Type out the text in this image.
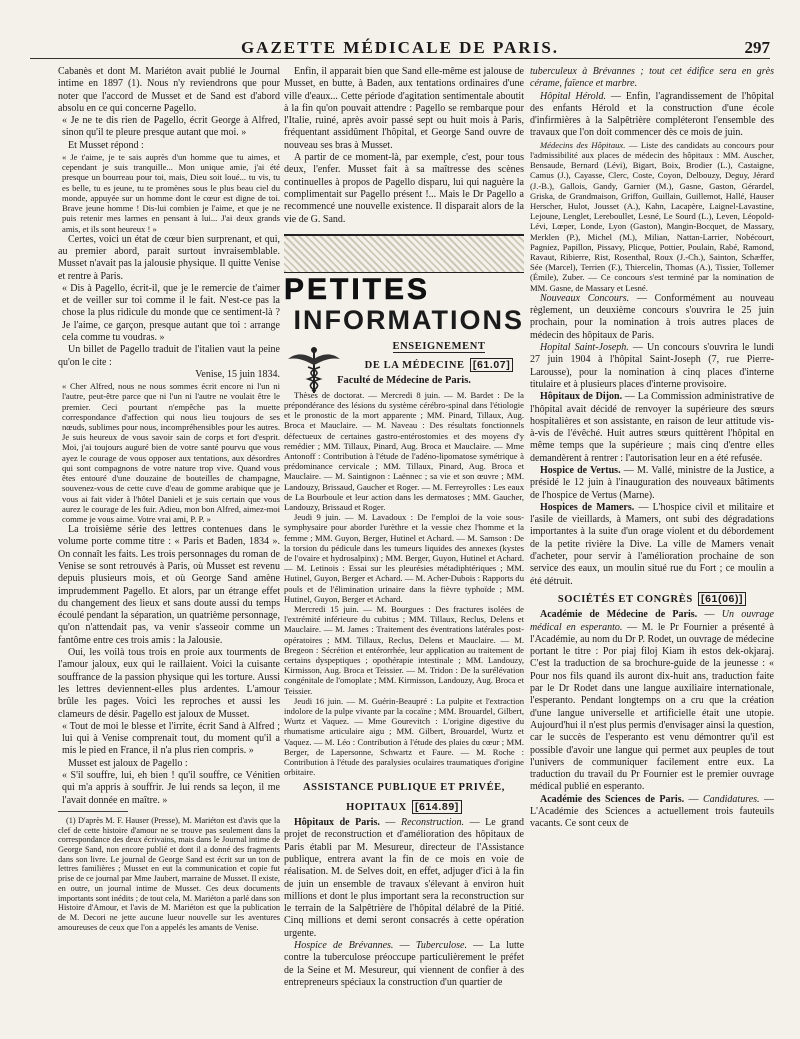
GAZETTE MÉDICALE DE PARIS.	297

Cabanès et dont M. Mariéton avait publié le Journal intime en 1897 (1). Nous n'y reviendrons que pour noter que l'accord de Musset et de Sand est d'abord absolu en ce qui concerne Pagello.

« Je ne te dis rien de Pagello, écrit George à Alfred, sinon qu'il te pleure presque autant que moi. »

Et Musset répond :

« Je t'aime, je te sais auprès d'un homme que tu aimes, et cependant je suis tranquille... Mon unique amie, j'ai été presque un bourreau pour toi, mais, Dieu soit loué... tu vis, tu es belle, tu es jeune, tu te promènes sous le plus beau ciel du monde, appuyée sur un homme dont le cœur est digne de toi. Brave jeune homme ! Dis-lui combien je l'aime, et que je ne puis retenir mes larmes en pensant à lui... J'ai deux grands amis, et ils sont heureux ! »

Certes, voici un état de cœur bien surprenant, et qui, au premier abord, parait surtout invraisemblable. Musset n'avait pas la jalousie physique. Il quitte Venise et rentre à Paris.

« Dis à Pagello, écrit-il, que je le remercie de t'aimer et de veiller sur toi comme il le fait. N'est-ce pas la chose la plus ridicule du monde que ce sentiment-là ? Je l'aime, ce garçon, presque autant que toi : arrange cela comme tu voudras. »

Un billet de Pagello traduit de l'italien vaut la peine qu'on le cite :

Venise, 15 juin 1834.

« Cher Alfred, nous ne nous sommes écrit encore ni l'un ni l'autre, peut-être parce que ni l'un ni l'autre ne voulait être le premier. Ceci pourtant n'empêche pas la muette correspondance d'affection qui nous lieu toujours de ses nœuds, sublimes pour nous, incompréhensibles pour les autres. Je suis heureux de vous savoir sain de corps et fort d'esprit. Moi, j'ai toujours auguré bien de votre santé pourvu que vous ayez le courage de vous opposer aux tentations, aux désordres qui sont compagnons de votre nature trop vive. Quand vous êtes entouré d'une douzaine de bouteilles de champagne, souvenez-vous de cette cuve d'eau de gomme arabique que je vous ai fait vider à l'hôtel Danieli et je suis certain que vous aurez le courage de les fuir. Adieu, mon bon Alfred, aimez-moi comme je vous aime. Votre vrai ami, P. P. »

La troisième série des lettres contenues dans le volume porte comme titre : « Paris et Baden, 1834 ». On connaît les faits. Les trois personnages du roman de Venise se sont retrouvés à Paris, où Musset est revenu depuis plusieurs mois, et où George Sand amène imprudemment Pagello. Et alors, par un étrange effet du changement des lieux et sans doute aussi du temps écoulé pendant la séparation, un quatrième personnage, qu'on n'attendait pas, va venir s'asseoir comme un fantôme entre ces trois amis : la Jalousie.

Oui, les voilà tous trois en proie aux tourments de l'amour jaloux, eux qui le raillaient. Voici la cuisante souffrance de la passion physique qui les torture. Aussi les lettres deviennent-elles plus ardentes. L'amour brûle les pages. Voici les reproches et aussi les clameurs de désir. Pagello est jaloux de Musset.

« Tout de moi le blesse et l'irrite, écrit Sand à Alfred ; lui qui à Venise comprenait tout, du moment qu'il a mis le pied en France, il n'a plus rien compris. »

Musset est jaloux de Pagello :

« S'il souffre, lui, eh bien ! qu'il souffre, ce Vénitien qui m'a appris à souffrir. Je lui rends sa leçon, il me l'avait donnée en maître. »

(1) D'après M. F. Hauser (Presse), M. Mariéton est d'avis que la clef de cette histoire d'amour ne se trouve pas seulement dans la correspondance des deux écrivains, mais dans le Journal intime de George Sand, non encore publié et dont il a donné des fragments dans son livre. Le journal de George Sand est écrit sur un ton de lettres familières ; Musset en eut la communication et copie fut prise de ce journal par Mme Jaubert, marraine de Musset. Il existe, en outre, un journal intime de Musset. Ces deux documents importants sont inédits ; de tout cela, M. Mariéton a parlé dans son Histoire d'Amour, et l'avis de M. Mariéton est que la publication de M. Decori ne jette aucune lueur nouvelle sur les aventures amoureuses de ceux que l'on a appelés les amants de Venise.

Enfin, il apparait bien que Sand elle-même est jalouse de Musset, en butte, à Baden, aux tentations ordinaires d'une ville d'eaux... Cette période d'agitation sentimentale aboutit à la fin qu'on pouvait attendre : Pagello se rembarque pour l'Italie, ruiné, après avoir passé sept ou huit mois à Paris, fréquentant assidûment l'hôpital, et George Sand ouvre de nouveau ses bras à Musset.

A partir de ce moment-là, par exemple, c'est, pour tous deux, l'enfer. Musset fait à sa maîtresse des scènes continuelles à propos de Pagello disparu, lui qui naguère la complimentait sur Pagello présent !... Mais le Dr Pagello a recommencé une nouvelle existence. Il disparait alors de la vie de G. Sand.

PETITES
INFORMATIONS
ENSEIGNEMENT
DE LA MÉDECINE [61.07]
Faculté de Médecine de Paris.

Thèses de doctorat. — Mercredi 8 juin. — M. Bardet : De la prépondérance des lésions du système cérébro-spinal dans l'étiologie et le pronostic de la mort apparente ; MM. Pinard, Tillaux, Aug. Broca et Mauclaire. — M. Naveau : Des résultats fonctionnels défectueux de certaines gastro-entérostomies et des moyens d'y remédier ; MM. Tillaux, Pinard, Aug. Broca et Mauclaire. — Mme Antonoff : Contribution à l'étude de l'adéno-lipomatose symétrique à prédominance cervicale ; MM. Tillaux, Pinard, Aug. Broca et Mauclaire. — M. Saintignon : Laënnec ; sa vie et son œuvre ; MM. Landouzy, Brissaud, Gaucher et Roger. — M. Ferreyrolles : Les eaux de La Bourboule et leur action dans les dermatoses ; MM. Gaucher, Landouzy, Brissaud et Roger.

Jeudi 9 juin. — M. Lavadoux : De l'emploi de la voie sous-symphysaire pour aborder l'urèthre et la vessie chez l'homme et la femme ; MM. Guyon, Berger, Hutinel et Achard. — M. Samson : De la torsion du pédicule dans les tumeurs liquides des annexes (kystes de l'ovaire et hydrosalpinx) ; MM. Berger, Guyon, Hutinel et Achard. — M. Letinois : Essai sur les pleurésies métadiphtériques ; MM. Hutinel, Guyon, Berger et Achard. — M. Acher-Dubois : Rapports du pouls et de l'élimination urinaire dans la fièvre typhoïde ; MM. Hutinel, Guyon, Berger et Achard.

Mercredi 15 juin. — M. Bourgues : Des fractures isolées de l'extrémité inférieure du cubitus ; MM. Tillaux, Reclus, Delens et Mauclaire. — M. James : Traitement des éventrations latérales post-opératoires ; MM. Tillaux, Reclus, Delens et Mauclaire. — M. Bregeon : Sécrétion et entérorrhée, leur application au traitement de certains dyspeptiques ; opothérapie intestinale ; MM. Landouzy, Kirmisson, Aug. Broca et Teissier. — M. Tridon : De la surélévation congénitale de l'omoplate ; MM. Kirmisson, Landouzy, Aug. Broca et Teissier.

Jeudi 16 juin. — M. Guérin-Beaupré : La pulpite et l'extraction indolore de la pulpe vivante par la cocaïne ; MM. Brouardel, Gilbert, Wurtz et Vaquez. — Mme Gourevitch : L'origine digestive du rhumatisme articulaire aigu ; MM. Gilbert, Brouardel, Wurtz et Vaquez. — M. Léo : Contribution à l'étude des plaies du cœur ; MM. Berger, de Lapersonne, Schwartz et Faure. — M. Roche : Contribution à l'étude des paralysies oculaires traumatiques d'origine orbitaire.

ASSISTANCE PUBLIQUE ET PRIVÉE,
HOPITAUX [614.89]

Hôpitaux de Paris. — Reconstruction. — Le grand projet de reconstruction et d'amélioration des hôpitaux de Paris établi par M. Mesureur, directeur de l'Assistance publique, entrera avant la fin de ce mois en voie de réalisation. M. de Selves doit, en effet, adjuger d'ici à la fin de juin un ensemble de travaux s'élevant à environ huit millions et dont le plus important sera la reconstruction sur le terrain de la Salpêtrière de l'hôpital délabré de la Pitié. Cinq millions et demi seront consacrés à cette opération urgente.

Hospice de Brévannes. — Tuberculose. — La lutte contre la tuberculose préoccupe particulièrement le préfet de la Seine et M. Mesureur, qui viennent de confier à des entrepreneurs spéciaux la construction d'un quartier de

tuberculeux à Brévannes ; tout cet édifice sera en grès cérame, faïence et marbre.

Hôpital Hérold. — Enfin, l'agrandissement de l'hôpital des enfants Hérold et la construction d'une école d'infirmières à la Salpêtrière compléteront l'ensemble des travaux que l'on doit commencer dès ce mois de juin.

Médecins des Hôpitaux. — Liste des candidats au concours pour l'admissibilité aux places de médecin des hôpitaux : MM. Auscher, Bensaude, Bernard (Lévi), Bigart, Boix, Brodier (L.), Castaigne, Camus (J.), Cayasse, Clerc, Coste, Coyon, Delbouzy, Deguy, Jérard (J.-B.), Gallois, Gandy, Garnier (M.), Gasne, Gaston, Gérardel, Griska, de Grandmaison, Griffon, Guillain, Guillemot, Hallé, Hauser Herscher, Hulot, Jousset (A.), Kahn, Lacapère, Laignel-Lavastine, Lejoune, Lenglet, Lereboullet, Lesné, Le Sourd (L.), Leven, Léopold-Lévi, Lœper, Londe, Lyon (Gaston), Mangin-Bocquet, de Massary, Merklen (P.), Michel (M.), Milian, Nattan-Larrier, Nobécourt, Pagniez, Papillon, Pissavy, Plicque, Pottier, Poulain, Rabé, Ramond, Ravaut, Ribierre, Rist, Rosenthal, Roux (J.-Ch.), Sainton, Schæffer, Sée (Marcel), Terrien (F.), Thiercelin, Thomas (A.), Tissier, Tollemer (Émile), Zuber. — Ce concours s'est terminé par la nomination de MM. Gasne, de Massary et Lesné.

Nouveaux Concours. — Conformément au nouveau règlement, un deuxième concours s'ouvrira le 25 juin prochain, pour la nomination à trois autres places de médecin des hôpitaux de Paris.

Hopital Saint-Joseph. — Un concours s'ouvrira le lundi 27 juin 1904 à l'hôpital Saint-Joseph (7, rue Pierre-Larousse), pour la nomination à cinq places d'interne titulaire et à plusieurs places d'interne provisoire.

Hôpitaux de Dijon. — La Commission administrative de l'hôpital avait décidé de renvoyer la supérieure des sœurs hospitalières et son assistante, en raison de leur attitude vis-à-vis de l'évêché. Huit autres sœurs quittèrent l'hôpital en même temps que la supérieure ; mais cinq d'entre elles demandèrent à rentrer : l'autorisation leur en a été refusée.

Hospice de Vertus. — M. Vallé, ministre de la Justice, a présidé le 12 juin à l'inauguration des nouveaux bâtiments de l'hospice de Vertus (Marne).

Hospices de Mamers. — L'hospice civil et militaire et l'asile de vieillards, à Mamers, ont subi des dégradations importantes à la suite d'un orage violent et du débordement de la petite rivière la Dive. La ville de Mamers venait d'acheter, pour servir à l'amélioration prochaine de son service des eaux, un moulin situé rue du Fort ; ce moulin a été détruit.

SOCIÉTÉS ET CONGRÈS [61(06)]

Académie de Médecine de Paris. — Un ouvrage médical en esperanto. — M. le Pr Fournier a présenté à l'Académie, au nom du Dr P. Rodet, un ouvrage de médecine portant le titre : Por piaj filoj Kiam ih estos dek-okjaraj. C'est la traduction de sa brochure-guide de la jeunesse : « Pour nos fils quand ils auront dix-huit ans, traduction faite par le Dr Rodet dans une langue auxiliaire internationale, l'esperanto. Pendant longtemps on a cru que la création d'une langue universelle et artificielle était une utopie. Aujourd'hui il n'est plus permis d'envisager ainsi la question, car le succès de l'esperanto est venu démontrer qu'il est possible d'avoir une langue qui permet aux peuples de tout l'univers de communiquer facilement entre eux. La traduction du travail du Pr Fournier est le premier ouvrage médical publié en esperanto.

Académie des Sciences de Paris. — Candidatures. — L'Académie des Sciences a actuellement trois fauteuils vacants. Ce sont ceux de
